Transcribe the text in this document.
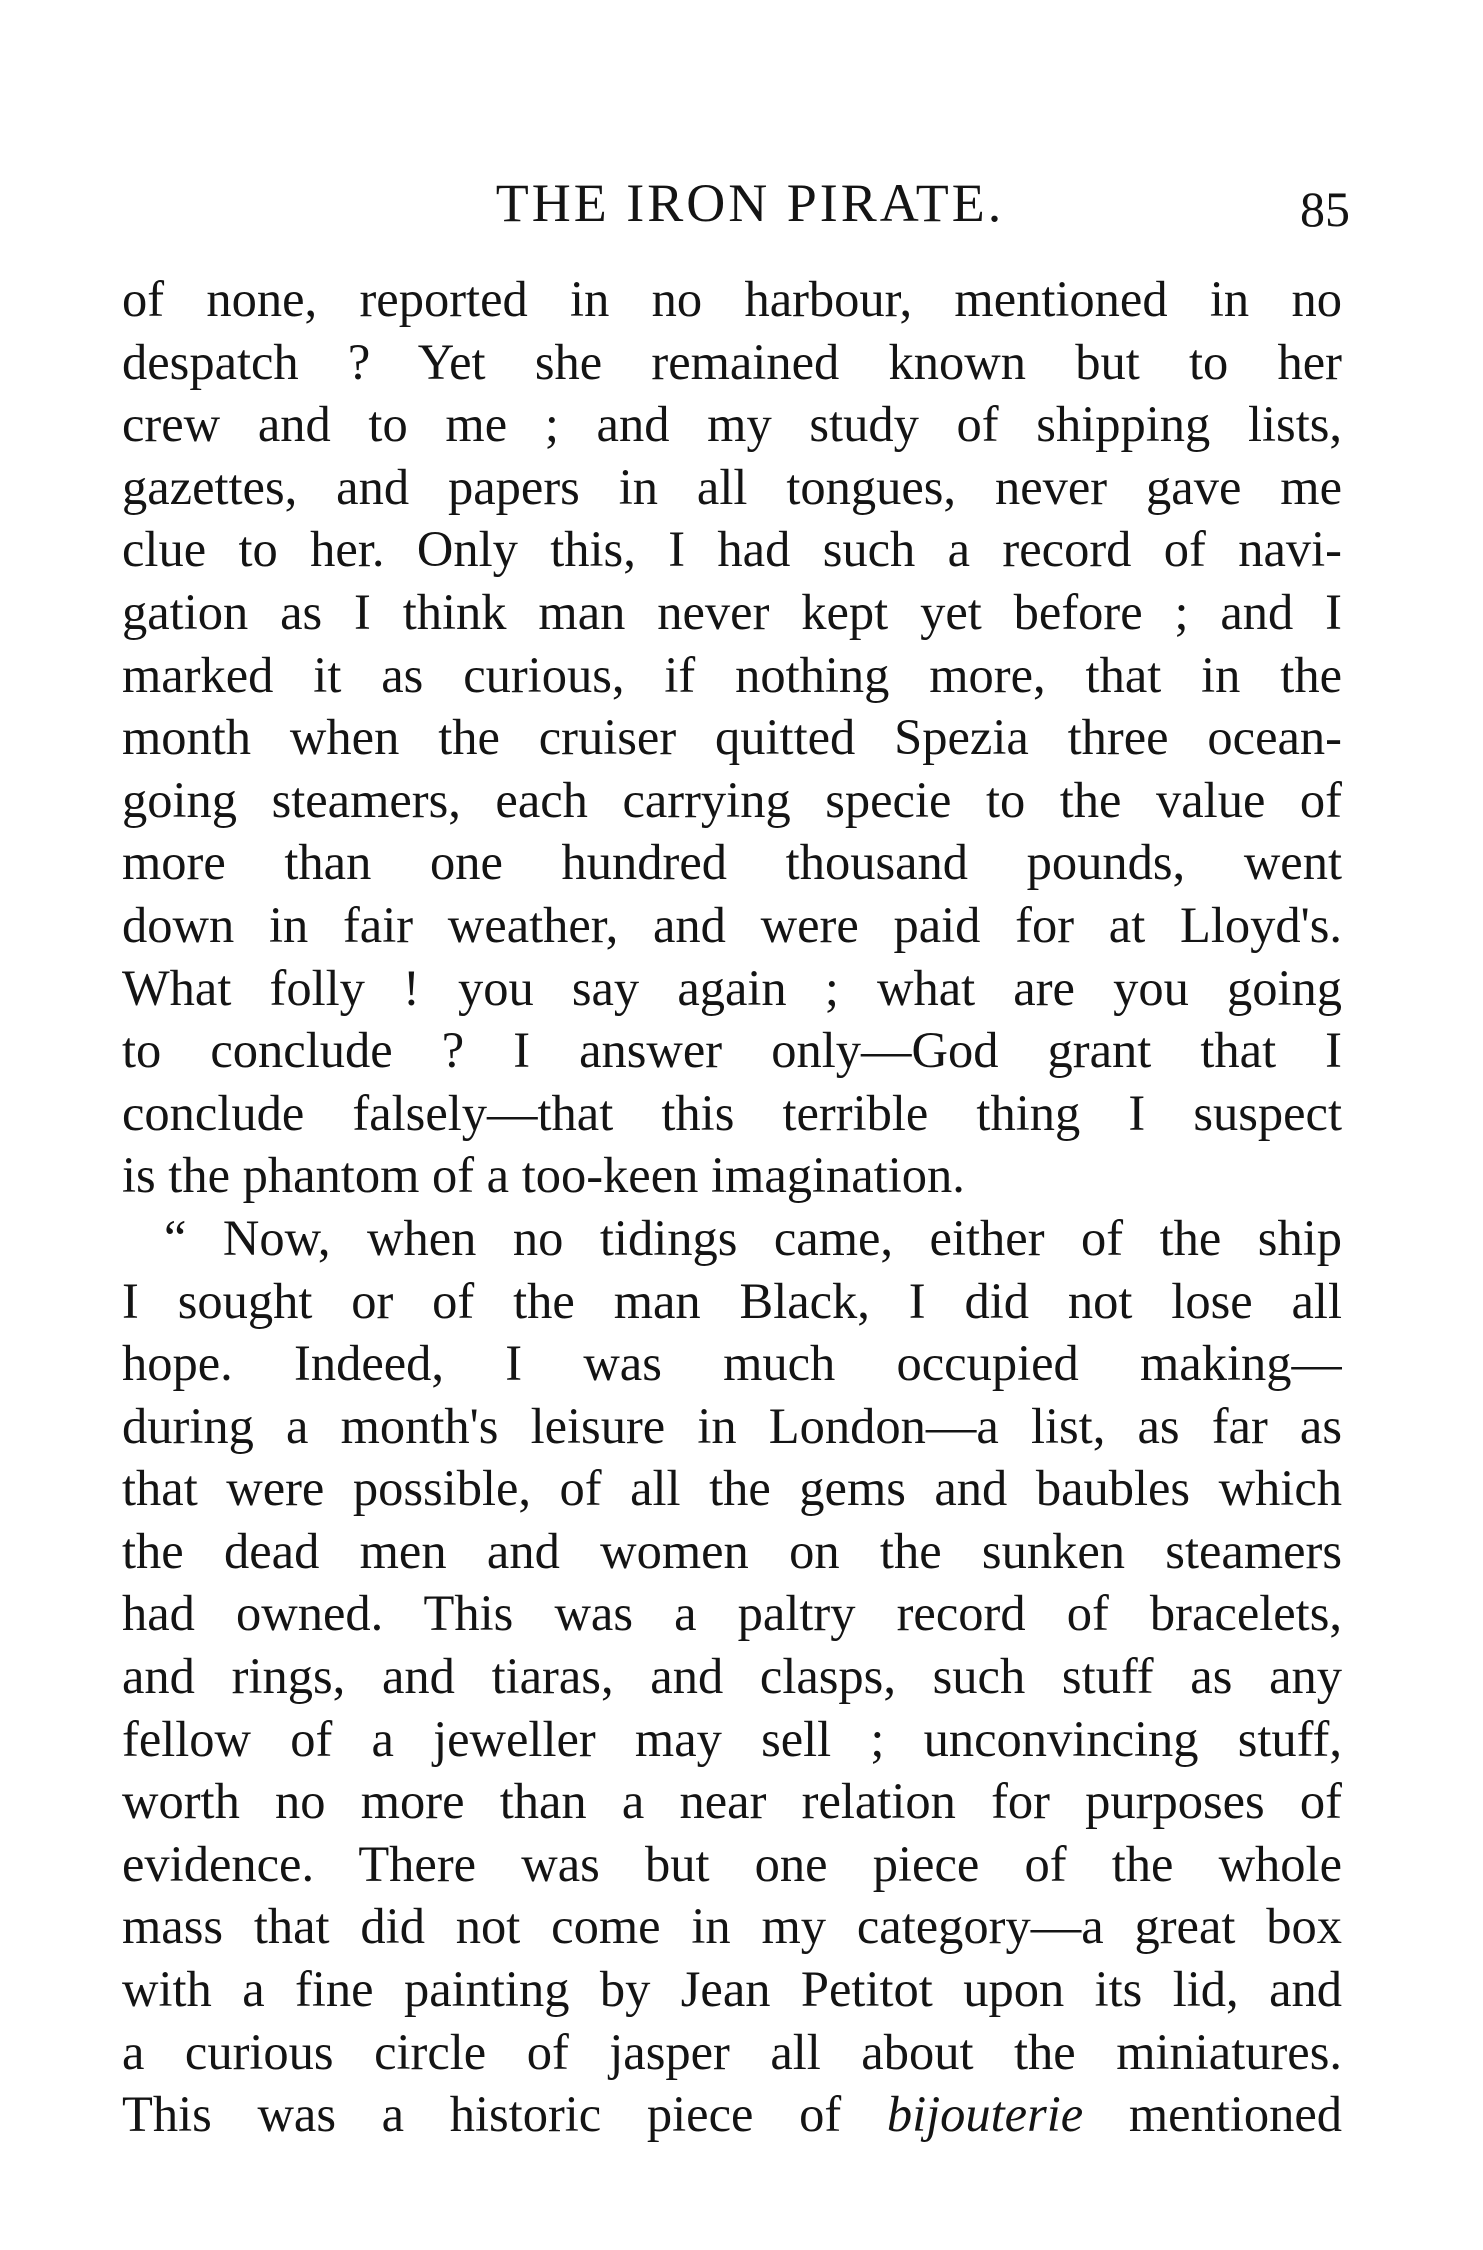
THE IRON PIRATE.	85
of none, reported in no harbour, mentioned in no
despatch ? Yet she remained known but to her
crew and to me ; and my study of shipping lists,
gazettes, and papers in all tongues, never gave me
clue to her. Only this, I had such a record of navi-
gation as I think man never kept yet before ; and I
marked it as curious, if nothing more, that in the
month when the cruiser quitted Spezia three ocean-
going steamers, each carrying specie to the value of
more than one hundred thousand pounds, went
down in fair weather, and were paid for at Lloyd's.
What folly ! you say again ; what are you going
to conclude ? I answer only—God grant that I
conclude falsely—that this terrible thing I suspect
is the phantom of a too-keen imagination.
“ Now, when no tidings came, either of the ship
I sought or of the man Black, I did not lose all
hope. Indeed, I was much occupied making—
during a month's leisure in London—a list, as far as
that were possible, of all the gems and baubles which
the dead men and women on the sunken steamers
had owned. This was a paltry record of bracelets,
and rings, and tiaras, and clasps, such stuff as any
fellow of a jeweller may sell ; unconvincing stuff,
worth no more than a near relation for purposes of
evidence. There was but one piece of the whole
mass that did not come in my category—a great box
with a fine painting by Jean Petitot upon its lid, and
a curious circle of jasper all about the miniatures.
This was a historic piece of bijouterie mentioned
